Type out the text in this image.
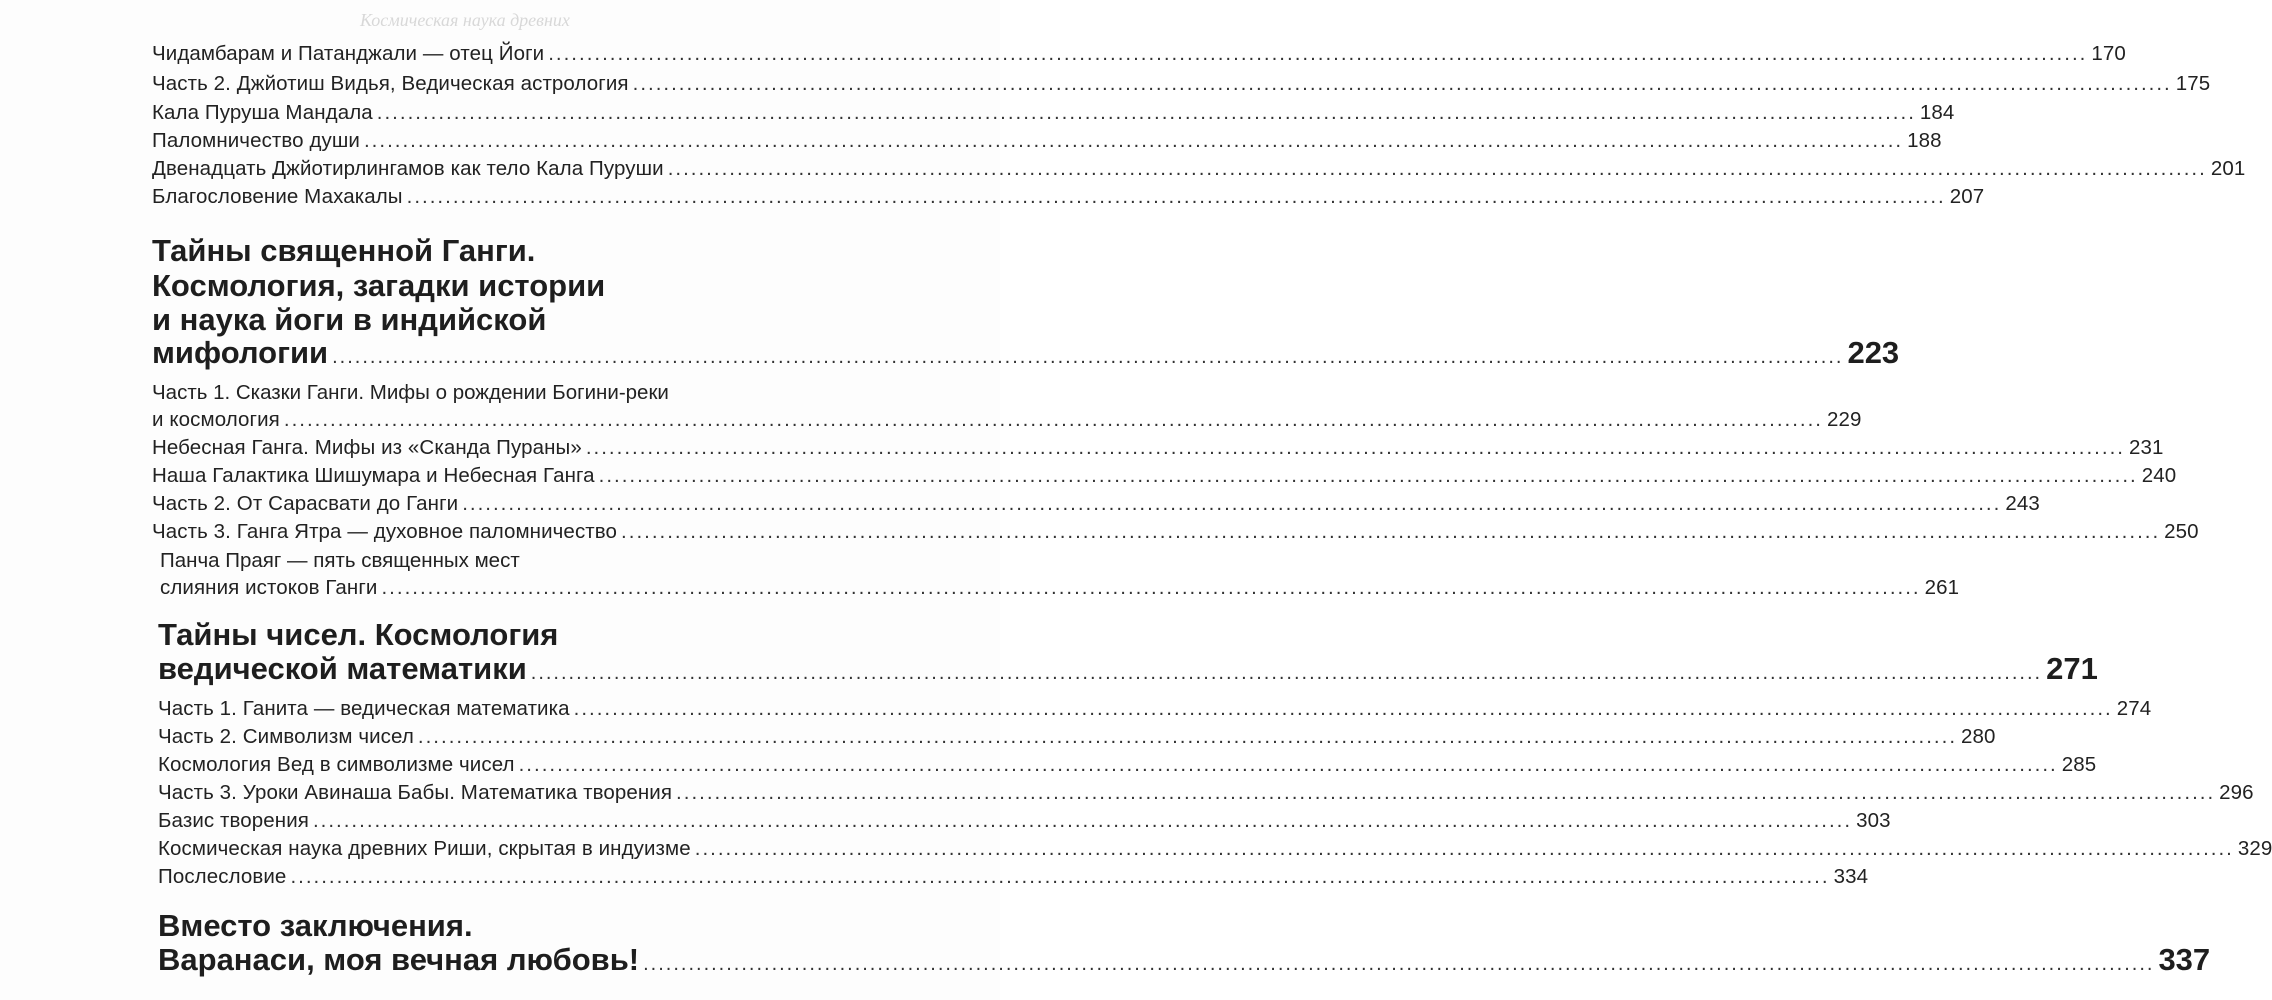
Космическая наука древних
Чидамбарам и Патанджали — отец Йоги .....	170
Часть 2. Джйотиш Видья, Ведическая астрология .....	175
Кала Пуруша Мандала .....	184
Паломничество души .....	188
Двенадцать Джйотирлингамов как тело Кала Пуруши .....	201
Благословение Махакалы .....	207
Тайны священной Ганги.
Космология, загадки истории
и наука йоги в индийской
мифологии .....	223
Часть 1. Сказки Ганги. Мифы о рождении Богини-реки
и космология .....	229
Небесная Ганга. Мифы из «Сканда Пураны» .....	231
Наша Галактика Шишумара и Небесная Ганга .....	240
Часть 2. От Сарасвати до Ганги .....	243
Часть 3. Ганга Ятра — духовное паломничество .....	250
Панча Праяг — пять священных мест
слияния истоков Ганги .....	261
Тайны чисел. Космология
ведической математики .....	271
Часть 1. Ганита — ведическая математика .....	274
Часть 2. Символизм чисел .....	280
Космология Вед в символизме чисел .....	285
Часть 3. Уроки Авинаша Бабы. Математика творения .....	296
Базис творения .....	303
Космическая наука древних Риши, скрытая в индуизме .....	329
Послесловие .....	334
Вместо заключения.
Варанаси, моя вечная любовь! .....	337
